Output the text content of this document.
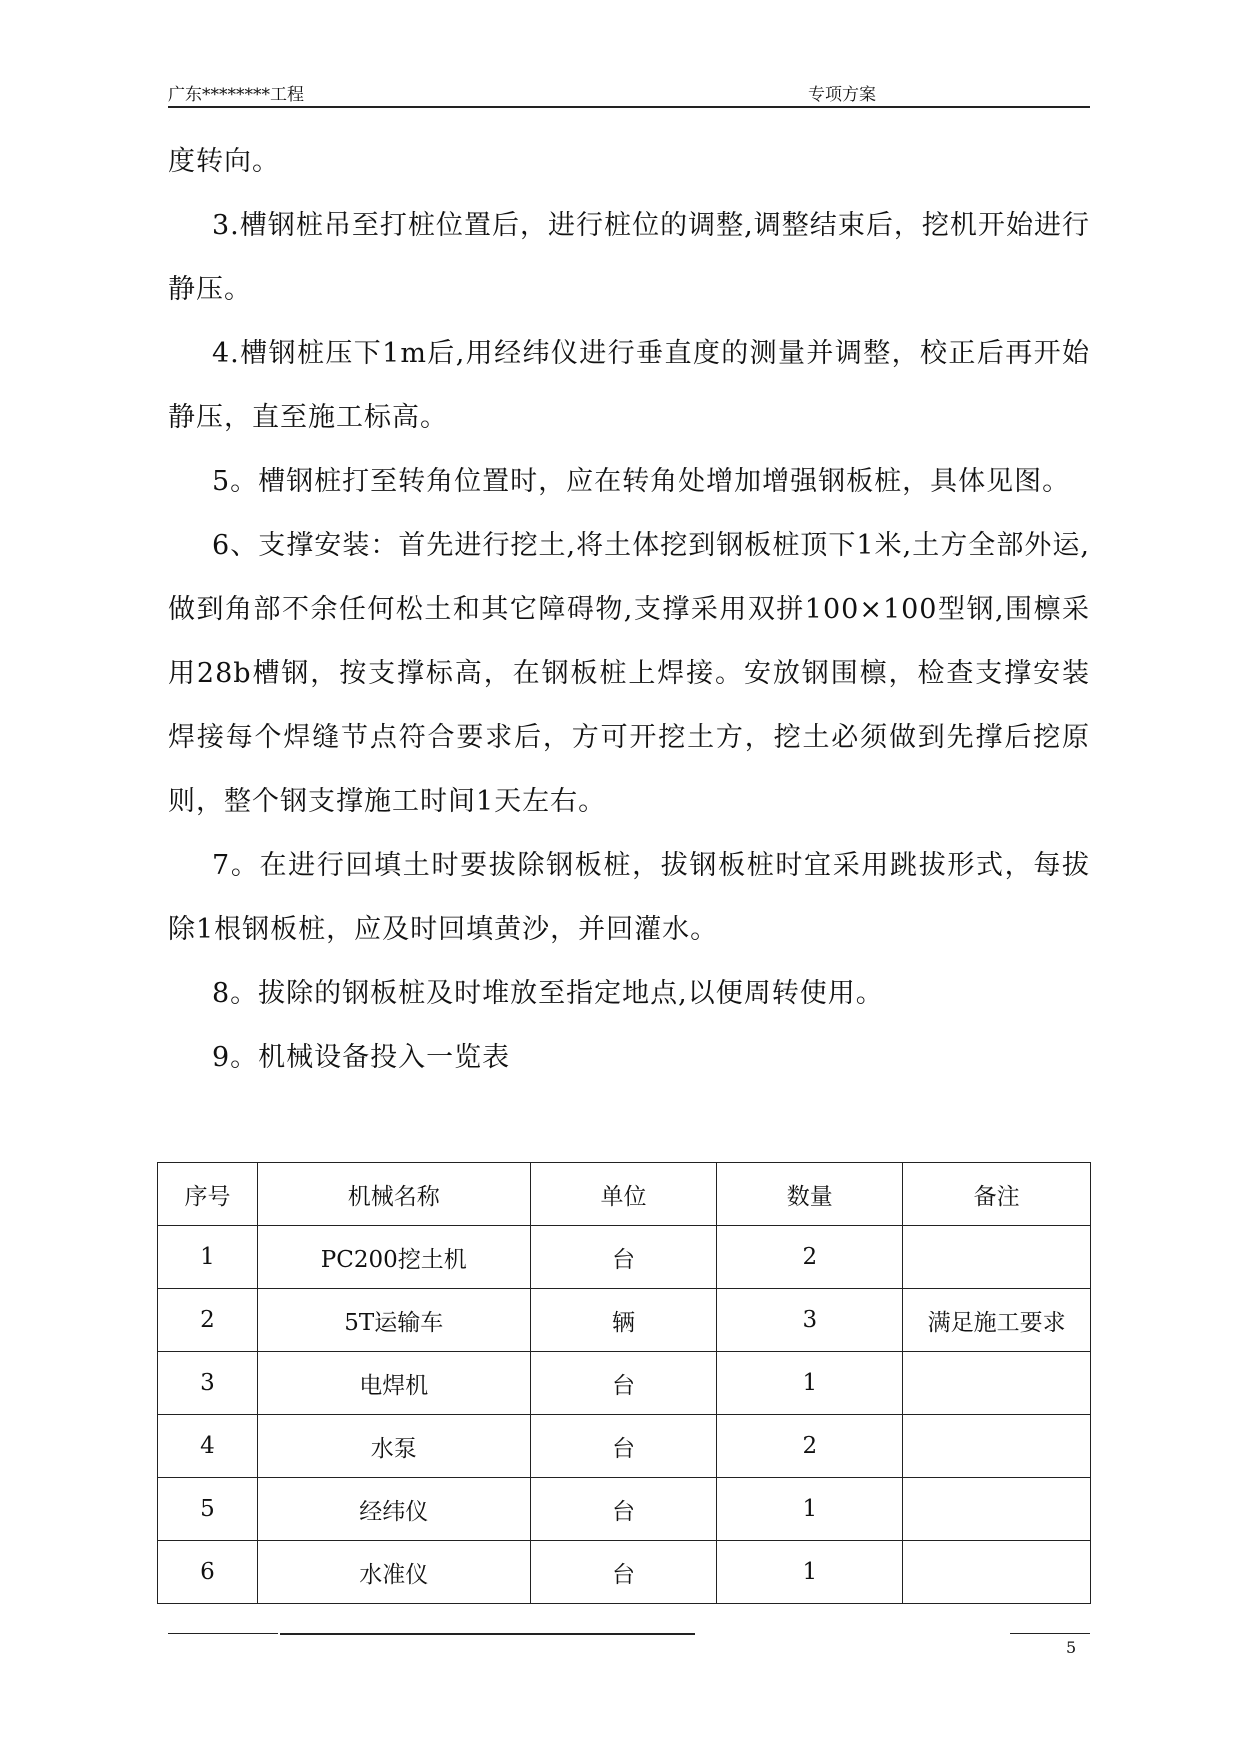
广东********工程	专项方案

度转向。

3.槽钢桩吊至打桩位置后，进行桩位的调整,调整结束后，挖机开始进行静压。

4.槽钢桩压下1m后,用经纬仪进行垂直度的测量并调整，校正后再开始静压，直至施工标高。

5。槽钢桩打至转角位置时，应在转角处增加增强钢板桩，具体见图。

6、支撑安装：首先进行挖土,将土体挖到钢板桩顶下1米,土方全部外运,做到角部不余任何松土和其它障碍物,支撑采用双拼100×100型钢,围檩采用28b槽钢，按支撑标高，在钢板桩上焊接。安放钢围檩，检查支撑安装焊接每个焊缝节点符合要求后，方可开挖土方，挖土必须做到先撑后挖原则，整个钢支撑施工时间1天左右。

7。在进行回填土时要拔除钢板桩，拔钢板桩时宜采用跳拔形式，每拔除1根钢板桩，应及时回填黄沙，并回灌水。

8。拔除的钢板桩及时堆放至指定地点,以便周转使用。

9。机械设备投入一览表

序号	机械名称	单位	数量	备注
1	PC200挖土机	台	2	
2	5T运输车	辆	3	满足施工要求
3	电焊机	台	1	
4	水泵	台	2	
5	经纬仪	台	1	
6	水准仪	台	1	
5
